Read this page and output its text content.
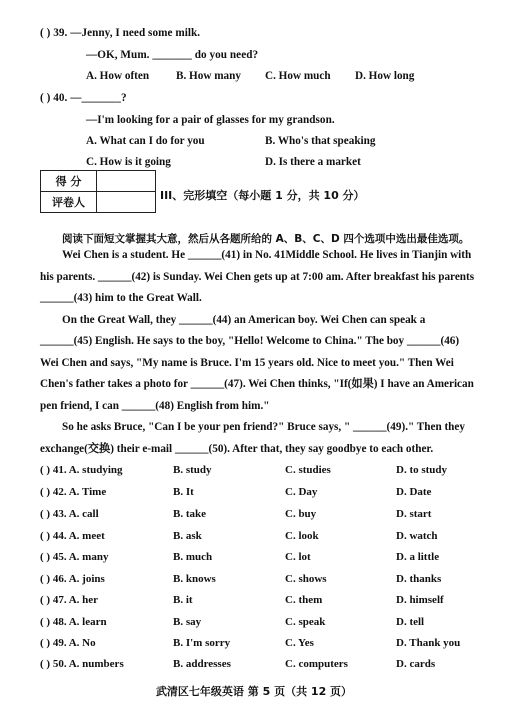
( ) 39. —Jenny, I need some milk.
—OK, Mum. _______ do you need?
A. How often B. How many C. How much D. How long
( ) 40. —_______?
—I'm looking for a pair of glasses for my grandson.
A. What can I do for you	B. Who's that speaking
C. How is it going	D. Is there a market
得 分	
评卷人	
III、完形填空（每小题 1 分，共 10 分）
阅读下面短文掌握其大意，然后从各题所给的 A、B、C、D 四个选项中选出最佳选项。
Wei Chen is a student. He ______(41) in No. 41Middle School. He lives in Tianjin with
his parents. ______(42) is Sunday. Wei Chen gets up at 7:00 am. After breakfast his parents
______(43) him to the Great Wall.
On the Great Wall, they ______(44) an American boy. Wei Chen can speak a
______(45) English. He says to the boy, "Hello! Welcome to China." The boy ______(46)
Wei Chen and says, "My name is Bruce. I'm 15 years old. Nice to meet you." Then Wei
Chen's father takes a photo for ______(47). Wei Chen thinks, "If(如果) I have an American
pen friend, I can ______(48) English from him."
So he asks Bruce, "Can I be your pen friend?" Bruce says, " ______(49)." Then they
exchange(交换) their e-mail ______(50). After that, they say goodbye to each other.
( ) 41. A. studying	B. study	C. studies	D. to study
( ) 42. A. Time	B. It	C. Day	D. Date
( ) 43. A. call	B. take	C. buy	D. start
( ) 44. A. meet	B. ask	C. look	D. watch
( ) 45. A. many	B. much	C. lot	D. a little
( ) 46. A. joins	B. knows	C. shows	D. thanks
( ) 47. A. her	B. it	C. them	D. himself
( ) 48. A. learn	B. say	C. speak	D. tell
( ) 49. A. No	B. I'm sorry	C. Yes	D. Thank you
( ) 50. A. numbers	B. addresses	C. computers	D. cards
武清区七年级英语 第 5 页（共 12 页）
